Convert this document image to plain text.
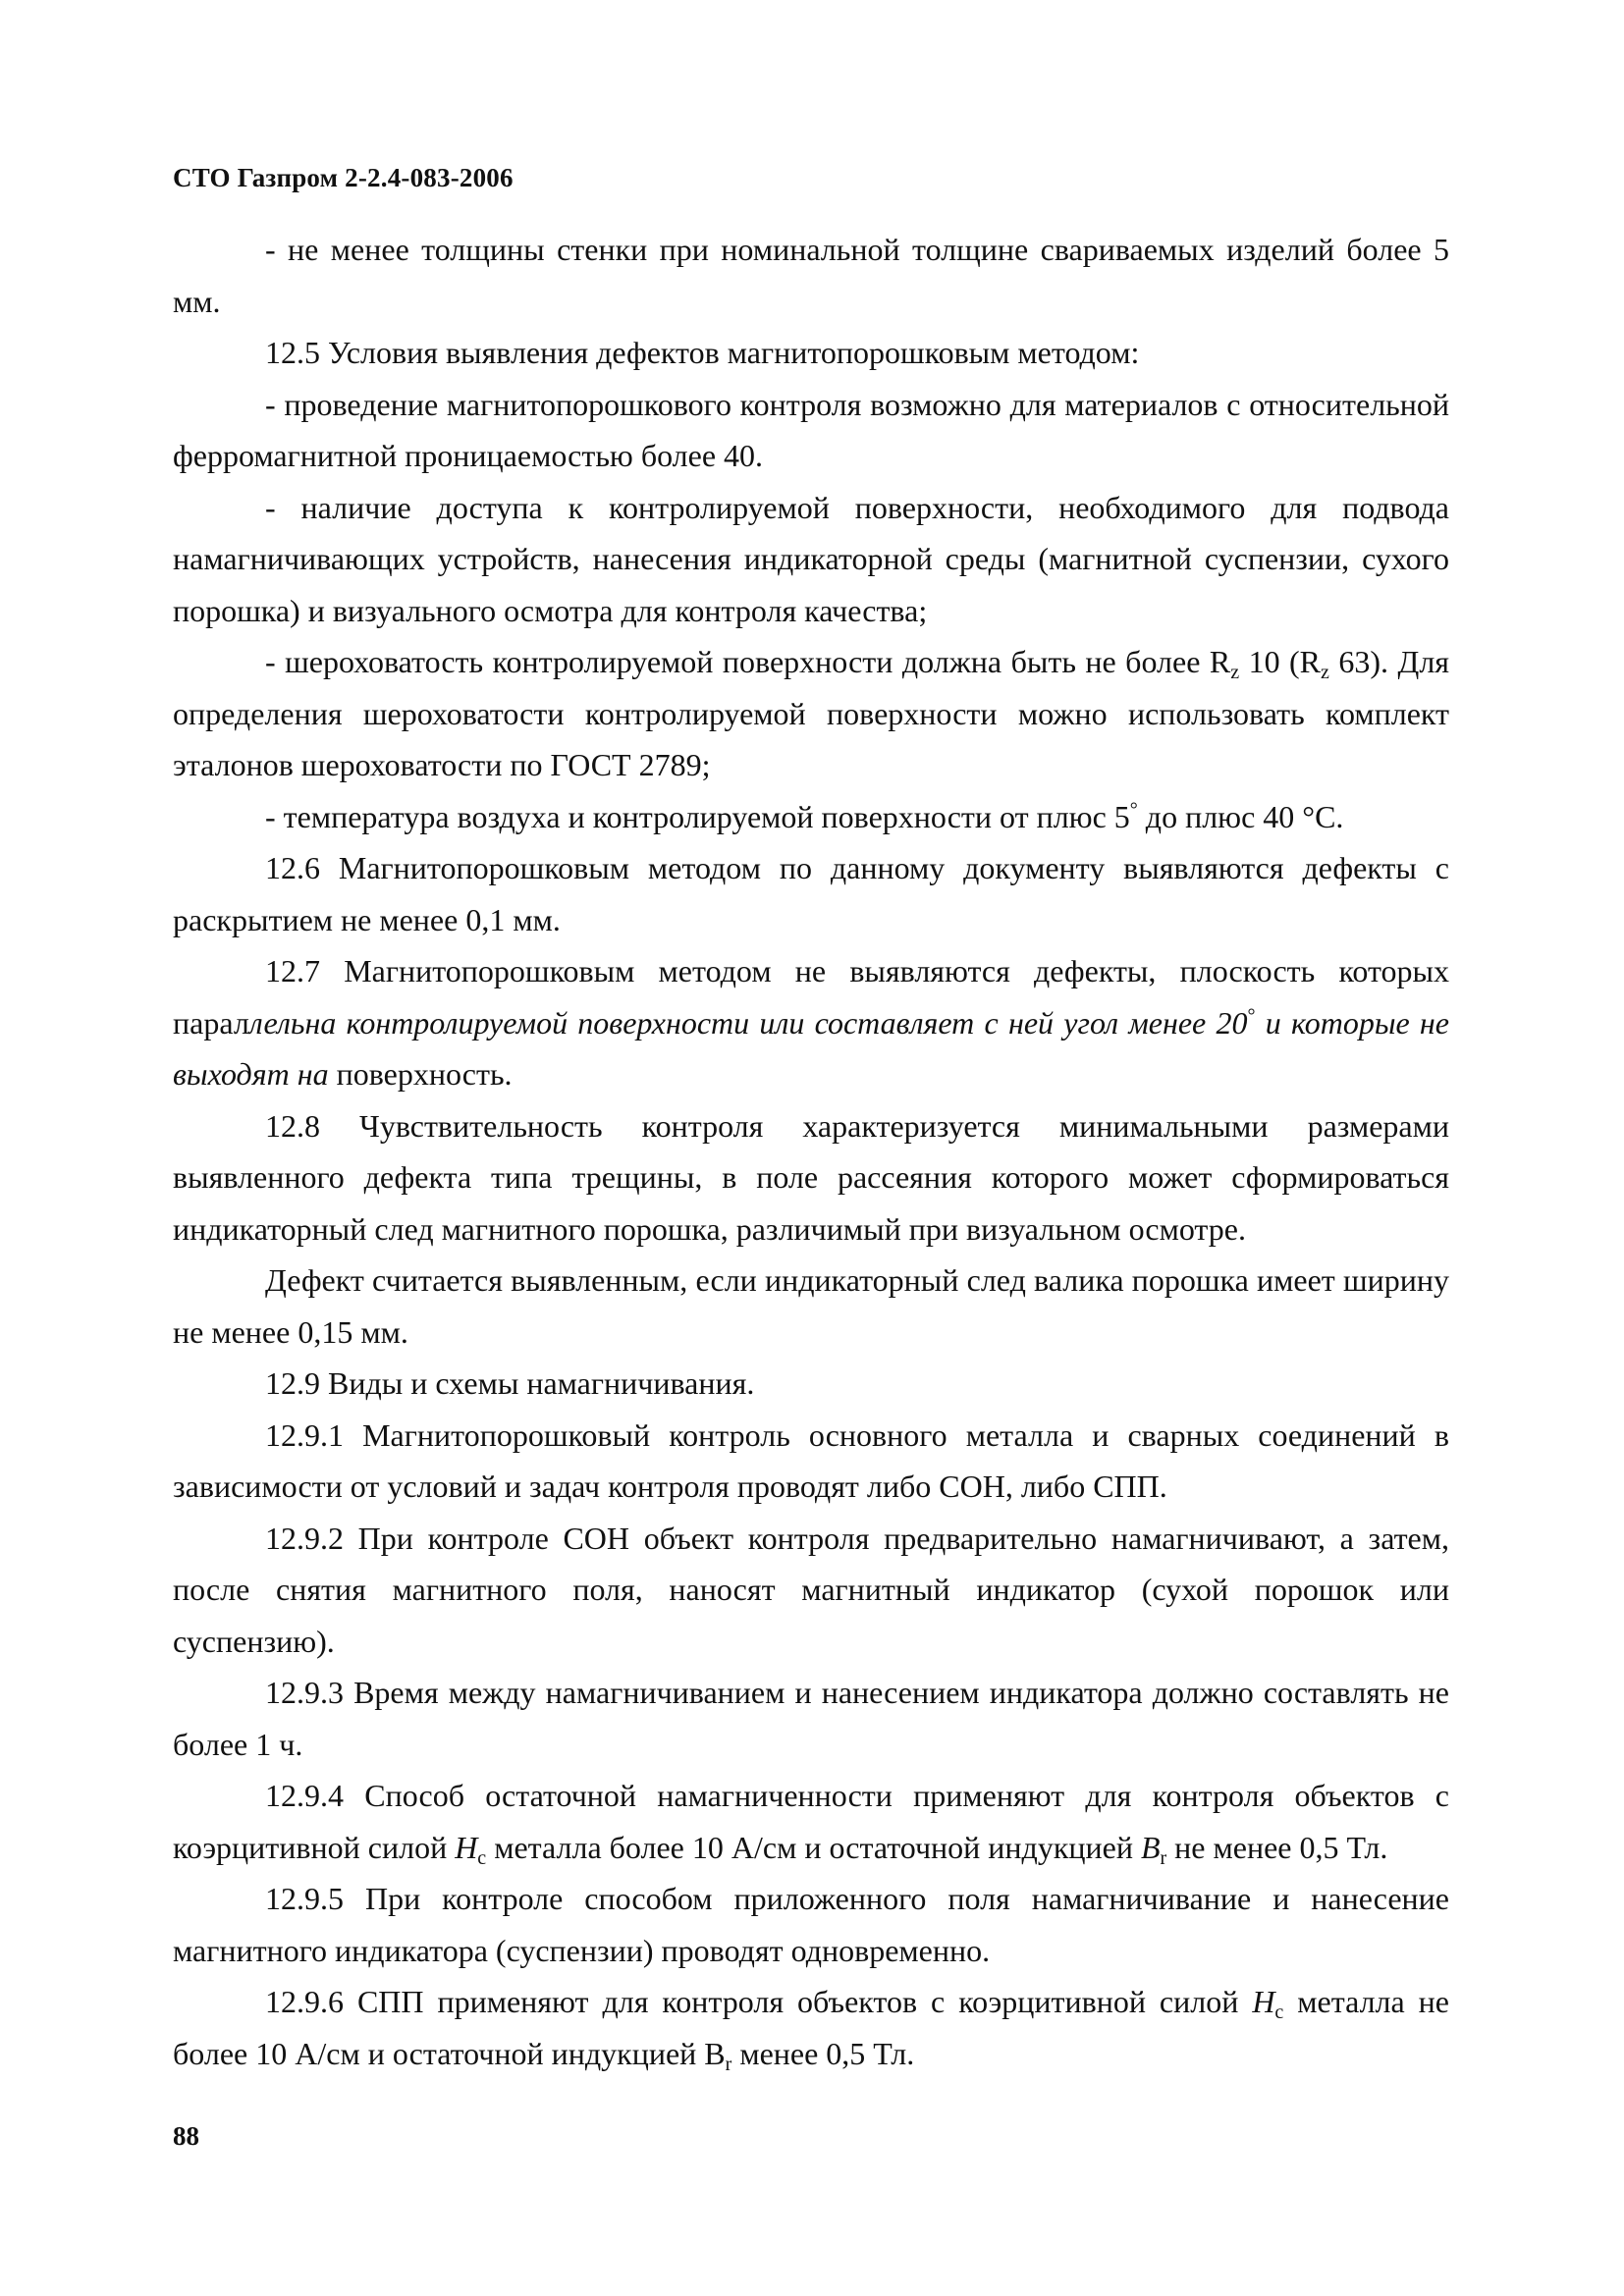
СТО Газпром 2-2.4-083-2006

- не менее толщины стенки при номинальной толщине свариваемых изделий более 5 мм.

12.5 Условия выявления дефектов магнитопорошковым методом:

- проведение магнитопорошкового контроля возможно для материалов с относительной ферромагнитной проницаемостью более 40.

- наличие доступа к контролируемой поверхности, необходимого для подвода намагничивающих устройств, нанесения индикаторной среды (магнитной суспензии, сухого порошка) и визуального осмотра для контроля качества;

- шероховатость контролируемой поверхности должна быть не более $R_z$ 10 ($R_z$ 63). Для определения шероховатости контролируемой поверхности можно использовать комплект эталонов шероховатости по ГОСТ 2789;

- температура воздуха и контролируемой поверхности от плюс 5° до плюс 40 °С.

12.6 Магнитопорошковым методом по данному документу выявляются дефекты с раскрытием не менее 0,1 мм.

12.7 Магнитопорошковым методом не выявляются дефекты, плоскость которых параллельна контролируемой поверхности или составляет с ней угол менее 20° и которые не выходят на поверхность.

12.8 Чувствительность контроля характеризуется минимальными размерами выявленного дефекта типа трещины, в поле рассеяния которого может сформироваться индикаторный след магнитного порошка, различимый при визуальном осмотре.

Дефект считается выявленным, если индикаторный след валика порошка имеет ширину не менее 0,15 мм.

12.9 Виды и схемы намагничивания.

12.9.1 Магнитопорошковый контроль основного металла и сварных соединений в зависимости от условий и задач контроля проводят либо СОН, либо СПП.

12.9.2 При контроле СОН объект контроля предварительно намагничивают, а затем, после снятия магнитного поля, наносят магнитный индикатор (сухой порошок или суспензию).

12.9.3 Время между намагничиванием и нанесением индикатора должно составлять не более 1 ч.

12.9.4 Способ остаточной намагниченности применяют для контроля объектов с коэрцитивной силой $H_c$ металла более 10 А/см и остаточной индукцией $B_r$ не менее 0,5 Тл.

12.9.5 При контроле способом приложенного поля намагничивание и нанесение магнитного индикатора (суспензии) проводят одновременно.

12.9.6 СПП применяют для контроля объектов с коэрцитивной силой $H_c$ металла не более 10 А/см и остаточной индукцией $B_r$ менее 0,5 Тл.

88
